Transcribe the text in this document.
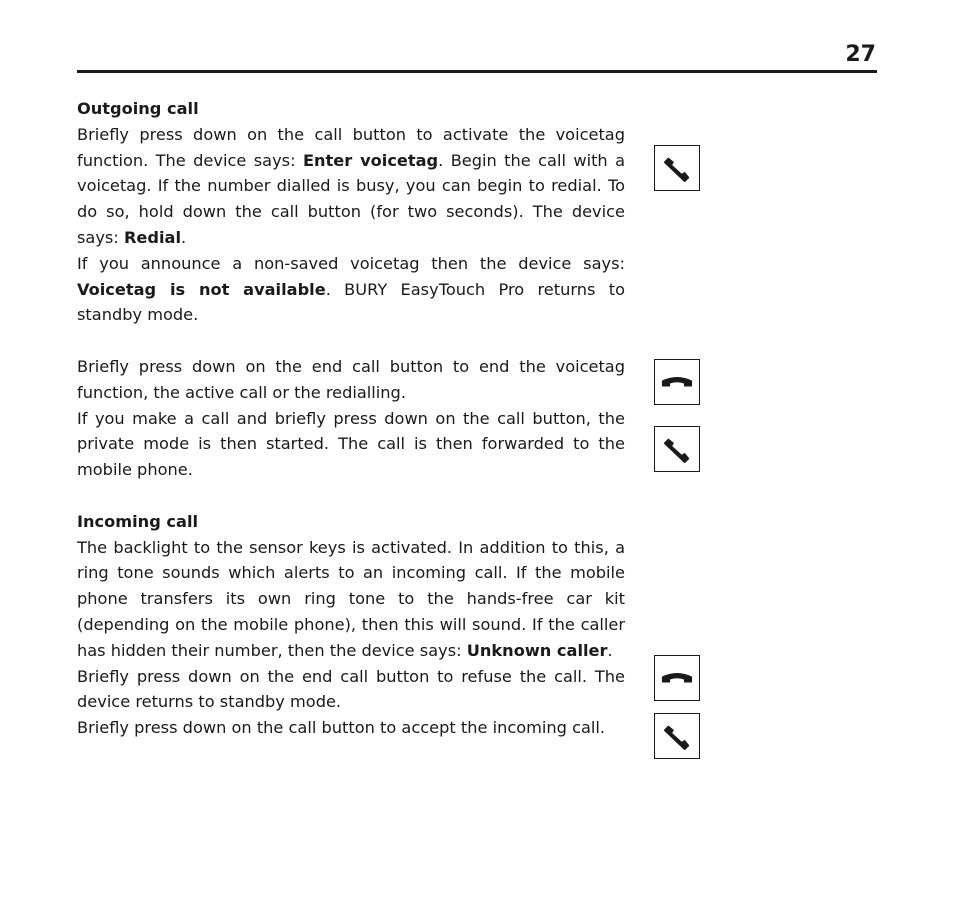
27

Outgoing call

Briefly press down on the call button to activate the voicetag function. The device says: Enter voicetag. Begin the call with a voicetag. If the number dialled is busy, you can begin to redial. To do so, hold down the call button (for two seconds). The device says: Redial.

If you announce a non-saved voicetag then the device says: Voicetag is not available. BURY EasyTouch Pro returns to standby mode.

Briefly press down on the end call button to end the voicetag function, the active call or the redialling.

If you make a call and briefly press down on the call button, the private mode is then started. The call is then forwarded to the mobile phone.

Incoming call

The backlight to the sensor keys is activated. In addition to this, a ring tone sounds which alerts to an incoming call. If the mobile phone transfers its own ring tone to the hands-free car kit (depending on the mobile phone), then this will sound. If the caller has hidden their number, then the device says: Unknown caller.

Briefly press down on the end call button to refuse the call. The device returns to standby mode.

Briefly press down on the call button to accept the incoming call.
